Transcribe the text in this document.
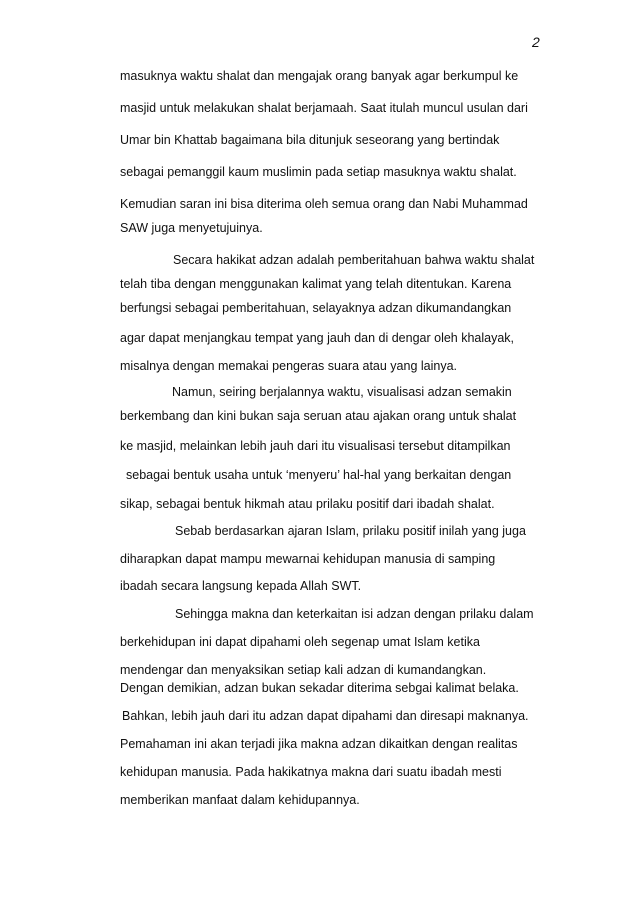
2
masuknya waktu shalat dan mengajak orang banyak agar berkumpul ke
masjid untuk melakukan shalat berjamaah. Saat itulah muncul usulan dari
Umar bin Khattab bagaimana bila ditunjuk seseorang yang bertindak
sebagai pemanggil kaum muslimin pada setiap masuknya waktu shalat.
Kemudian saran ini bisa diterima oleh semua orang dan Nabi Muhammad
SAW juga menyetujuinya.
Secara hakikat adzan adalah pemberitahuan bahwa waktu shalat
telah tiba dengan menggunakan kalimat yang telah ditentukan. Karena
berfungsi sebagai pemberitahuan, selayaknya adzan dikumandangkan
agar dapat menjangkau tempat yang jauh dan di dengar oleh khalayak,
misalnya dengan memakai pengeras suara atau yang lainya.
Namun, seiring berjalannya waktu, visualisasi adzan semakin
berkembang dan kini bukan saja seruan atau ajakan orang untuk shalat
ke masjid, melainkan lebih jauh dari itu visualisasi tersebut ditampilkan
sebagai bentuk usaha untuk ‘menyeru’ hal-hal yang berkaitan dengan
sikap, sebagai bentuk hikmah atau prilaku positif dari ibadah shalat.
Sebab berdasarkan ajaran Islam, prilaku positif inilah yang juga
diharapkan dapat mampu mewarnai kehidupan manusia di samping
ibadah secara langsung kepada Allah SWT.
Sehingga makna dan keterkaitan isi adzan dengan prilaku dalam
berkehidupan ini dapat dipahami oleh segenap umat Islam ketika
mendengar dan menyaksikan setiap kali adzan di kumandangkan.
Dengan demikian, adzan bukan sekadar diterima sebgai kalimat belaka.
Bahkan, lebih jauh dari itu adzan dapat dipahami dan diresapi maknanya.
Pemahaman ini akan terjadi jika makna adzan dikaitkan dengan realitas
kehidupan manusia. Pada hakikatnya makna dari suatu ibadah mesti
memberikan manfaat dalam kehidupannya.
